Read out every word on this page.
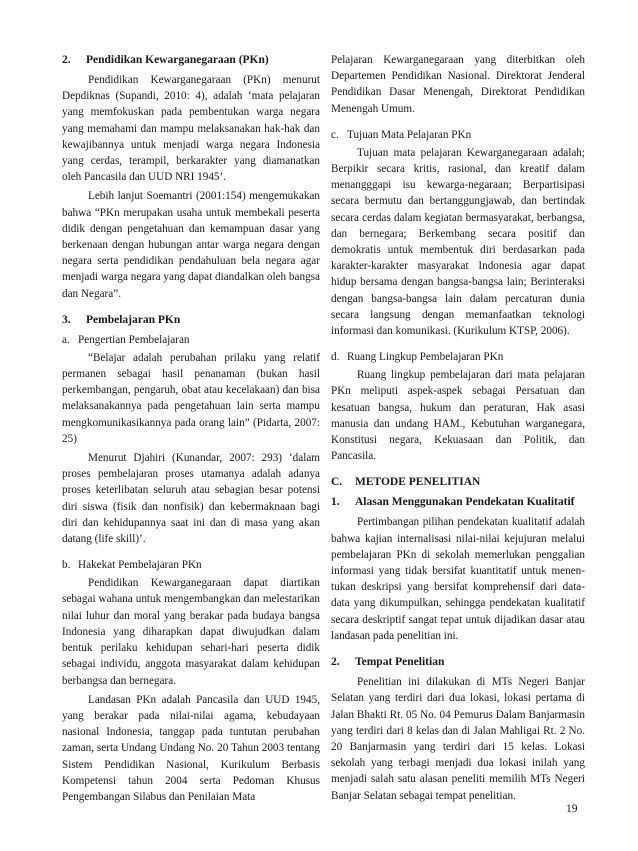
2. Pendidikan Kewarganegaraan (PKn)

Pendidikan Kewarganegaraan (PKn) menurut Depdiknas (Supandi, 2010: 4), adalah ‘mata pelajaran yang memfokuskan pada pembentukan warga negara yang memahami dan mampu melaksanakan hak-hak dan kewajibannya untuk menjadi warga negara Indonesia yang cerdas, terampil, berkarakter yang diamanatkan oleh Pancasila dan UUD NRI 1945’.

Lebih lanjut Soemantri (2001:154) mengemukakan bahwa “PKn merupakan usaha untuk membekali peserta didik dengan pengetahuan dan kemampuan dasar yang berkenaan dengan hubungan antar warga negara dengan negara serta pendidikan pendahuluan bela negara agar menjadi warga negara yang dapat diandalkan oleh bangsa dan Negara”.

3. Pembelajaran PKn
a. Pengertian Pembelajaran

“Belajar adalah perubahan prilaku yang relatif permanen sebagai hasil penanaman (bukan hasil perkembangan, pengaruh, obat atau kecelakaan) dan bisa melaksanakannya pada pengetahuan lain serta mampu mengkomunikasikannya pada orang lain” (Pidarta, 2007: 25)

Menurut Djahiri (Kunandar, 2007: 293) ‘dalam proses pembelajaran proses utamanya adalah adanya proses keterlibatan seluruh atau sebagian besar potensi diri siswa (fisik dan nonfisik) dan kebermaknaan bagi diri dan kehidupannya saat ini dan di masa yang akan datang (life skill)’.

b. Hakekat Pembelajaran PKn

Pendidikan Kewarganegaraan dapat diartikan sebagai wahana untuk mengembangkan dan melestarikan nilai luhur dan moral yang berakar pada budaya bangsa Indonesia yang diharapkan dapat diwujudkan dalam bentuk perilaku kehidupan sehari-hari peserta didik sebagai individu, anggota masyarakat dalam kehidupan berbangsa dan bernegara.

Landasan PKn adalah Pancasila dan UUD 1945, yang berakar pada nilai-nilai agama, kebudayaan nasional Indonesia, tanggap pada tuntutan perubahan zaman, serta Undang Undang No. 20 Tahun 2003 tentang Sistem Pendidikan Nasional, Kurikulum Berbasis Kompetensi tahun 2004 serta Pedoman Khusus Pengembangan Silabus dan Penilaian Mata

Pelajaran Kewarganegaraan yang diterbitkan oleh Departemen Pendidikan Nasional. Direktorat Jenderal Pendidikan Dasar Menengah, Direktorat Pendidikan Menengah Umum.

c. Tujuan Mata Pelajaran PKn

Tujuan mata pelajaran Kewarganegaraan adalah; Berpikir secara kritis, rasional, dan kreatif dalam menangggapi isu kewarga-negaraan; Berpartisipasi secara bermutu dan bertanggungjawab, dan bertindak secara cerdas dalam kegiatan bermasyarakat, berbangsa, dan bernegara; Berkembang secara positif dan demokratis untuk membentuk diri berdasarkan pada karakter-karakter masyarakat Indonesia agar dapat hidup bersama dengan bangsa-bangsa lain; Berinteraksi dengan bangsa-bangsa lain dalam percaturan dunia secara langsung dengan memanfaatkan teknologi informasi dan komunikasi. (Kurikulum KTSP, 2006).

d. Ruang Lingkup Pembelajaran PKn

Ruang lingkup pembelajaran dari mata pelajaran PKn meliputi aspek-aspek sebagai Persatuan dan kesatuan bangsa, hukum dan peraturan, Hak asasi manusia dan undang HAM., Kebutuhan warganegara, Konstitusi negara, Kekuasaan dan Politik, dan Pancasila.

C. METODE PENELITIAN
1. Alasan Menggunakan Pendekatan Kualitatif

Pertimbangan pilihan pendekatan kualitatif adalah bahwa kajian internalisasi nilai-nilai kejujuran melalui pembelajaran PKn di sekolah memerlukan penggalian informasi yang tidak bersifat kuantitatif untuk menentukan deskripsi yang bersifat komprehensif dari data-data yang dikumpulkan, sehingga pendekatan kualitatif secara deskriptif sangat tepat untuk dijadikan dasar atau landasan pada penelitian ini.

2. Tempat Penelitian

Penelitian ini dilakukan di MTs Negeri Banjar Selatan yang terdiri dari dua lokasi, lokasi pertama di Jalan Bhakti Rt. 05 No. 04 Pemurus Dalam Banjarmasin yang terdiri dari 8 kelas dan di Jalan Mahligai Rt. 2 No. 20 Banjarmasin yang terdiri dari 15 kelas. Lokasi sekolah yang terbagi menjadi dua lokasi inilah yang menjadi salah satu alasan peneliti memilih MTs Negeri Banjar Selatan sebagai tempat penelitian.

19
